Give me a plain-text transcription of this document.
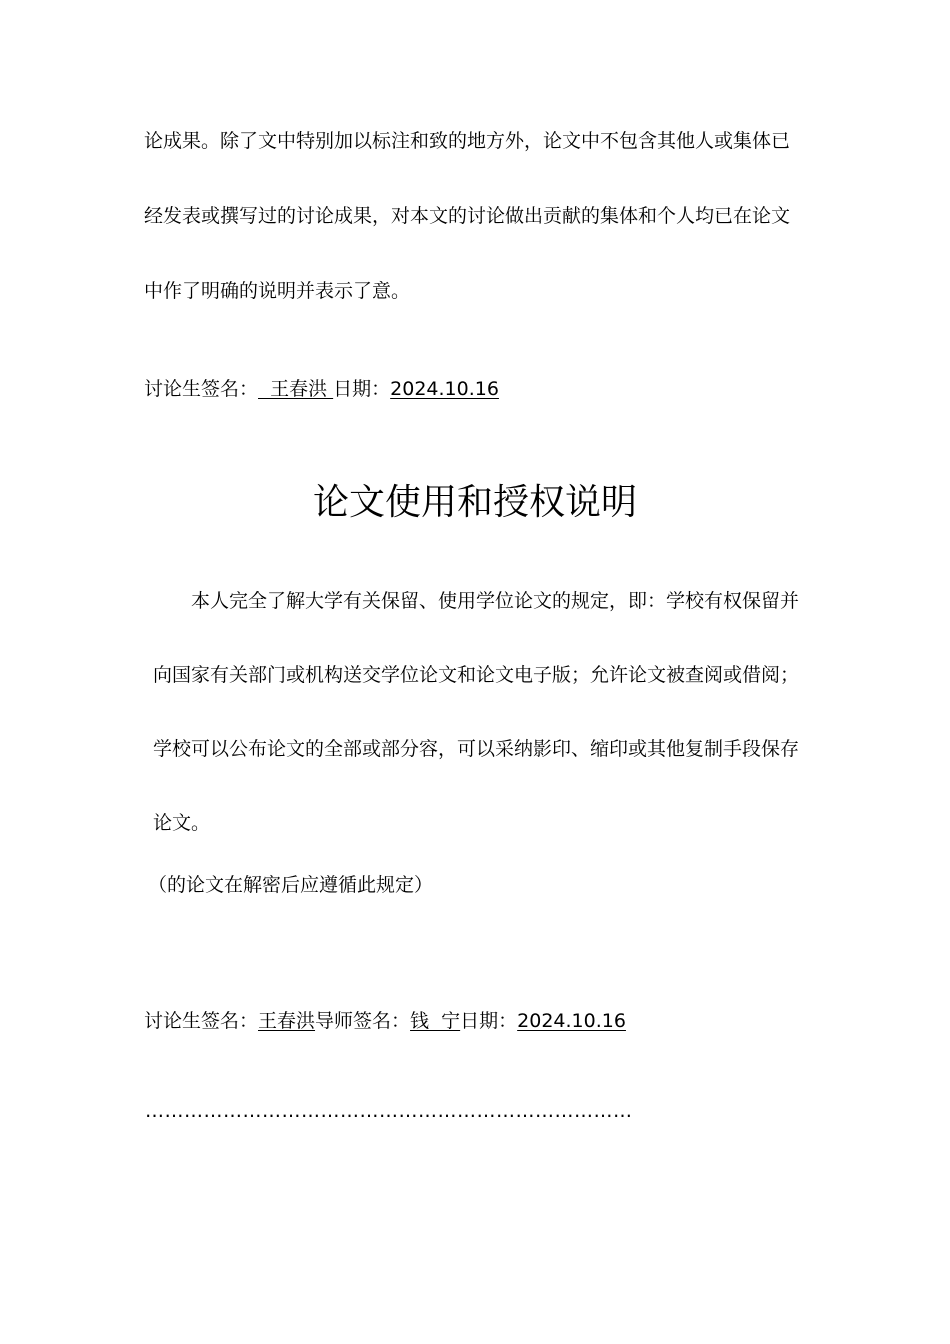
论成果。除了文中特别加以标注和致的地方外，论文中不包含其他人或集体已
经发表或撰写过的讨论成果，对本文的讨论做出贡献的集体和个人均已在论文
中作了明确的说明并表示了意。
讨论生签名：  王春洪 日期：2024.10.16
论文使用和授权说明
本人完全了解大学有关保留、使用学位论文的规定，即：学校有权保留并
向国家有关部门或机构送交学位论文和论文电子版；允许论文被查阅或借阅；
学校可以公布论文的全部或部分容，可以采纳影印、缩印或其他复制手段保存
论文。
（的论文在解密后应遵循此规定）
讨论生签名：王春洪导师签名：钱  宁日期：2024.10.16
…………………………………………………………………
